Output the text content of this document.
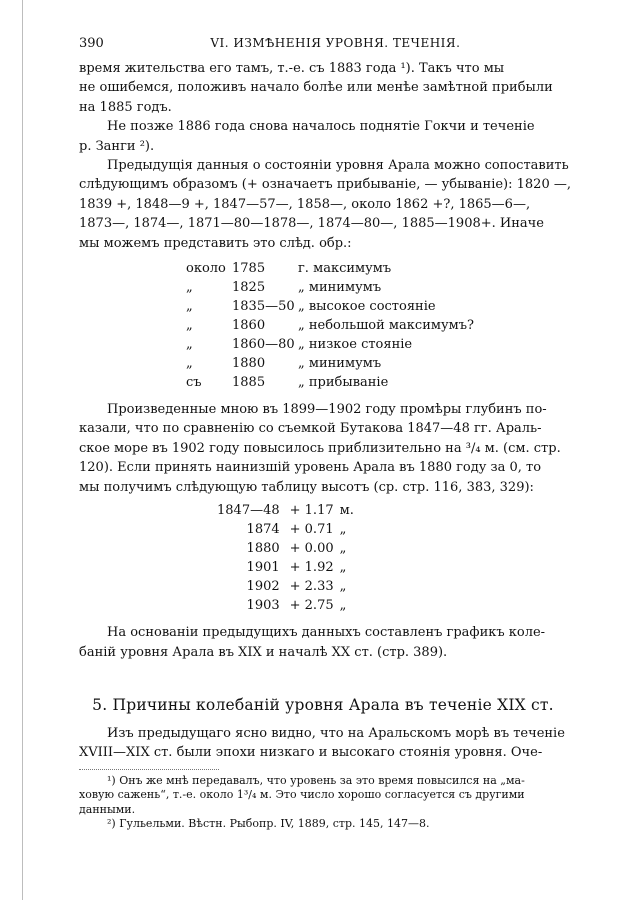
390	VI. ИЗМѢНЕНІЯ УРОВНЯ. ТЕЧЕНІЯ.

время жительства его тамъ, т.-е. съ 1883 года ¹). Такъ что мы

не ошибемся, положивъ начало болѣе или менѣе замѣтной прибыли

на 1885 годъ.

Не позже 1886 года снова началось поднятіе Гокчи и теченіе

р. Занги ²).

Предыдущія данныя о состояніи уровня Арала можно сопоставить

слѣдующимъ образомъ (+ означаетъ прибываніе, — убываніе): 1820 —,

1839 +, 1848—9 +, 1847—57—, 1858—, около 1862 +?, 1865—6—,

1873—, 1874—, 1871—80—1878—, 1874—80—, 1885—1908+. Иначе

мы можемъ представить это слѣд. обр.:

около	1785	г. максимумъ
„	1825	„ минимумъ
„	1835—50	„ высокое состояніе
„	1860	„ небольшой максимумъ?
„	1860—80	„ низкое стояніе
„	1880	„ минимумъ
съ	1885	„ прибываніе

Произведенные мною въ 1899—1902 году промѣры глубинъ по-

казали, что по сравненію со съемкой Бутакова 1847—48 гг. Араль-

ское море въ 1902 году повысилось приблизительно на ³/₄ м. (см. стр.

120). Если принять наинизшій уровень Арала въ 1880 году за 0, то

мы получимъ слѣдующую таблицу высотъ (ср. стр. 116, 383, 329):

1847—48	+ 1.17	м.
1874	+ 0.71	„
1880	+ 0.00	„
1901	+ 1.92	„
1902	+ 2.33	„
1903	+ 2.75	„

На основаніи предыдущихъ данныхъ составленъ графикъ коле-

баній уровня Арала въ XIX и началѣ XX ст. (стр. 389).

5. Причины колебаній уровня Арала въ теченіе XIX ст.

Изъ предыдущаго ясно видно, что на Аральскомъ морѣ въ теченіе

XVIII—XIX ст. были эпохи низкаго и высокаго стоянія уровня. Оче-

¹) Онъ же мнѣ передавалъ, что уровень за это время повысился на „ма-

ховую сажень“, т.-е. около 1³/₄ м. Это число хорошо согласуется съ другими

данными.

²) Гульельми. Вѣстн. Рыбопр. IV, 1889, стр. 145, 147—8.
